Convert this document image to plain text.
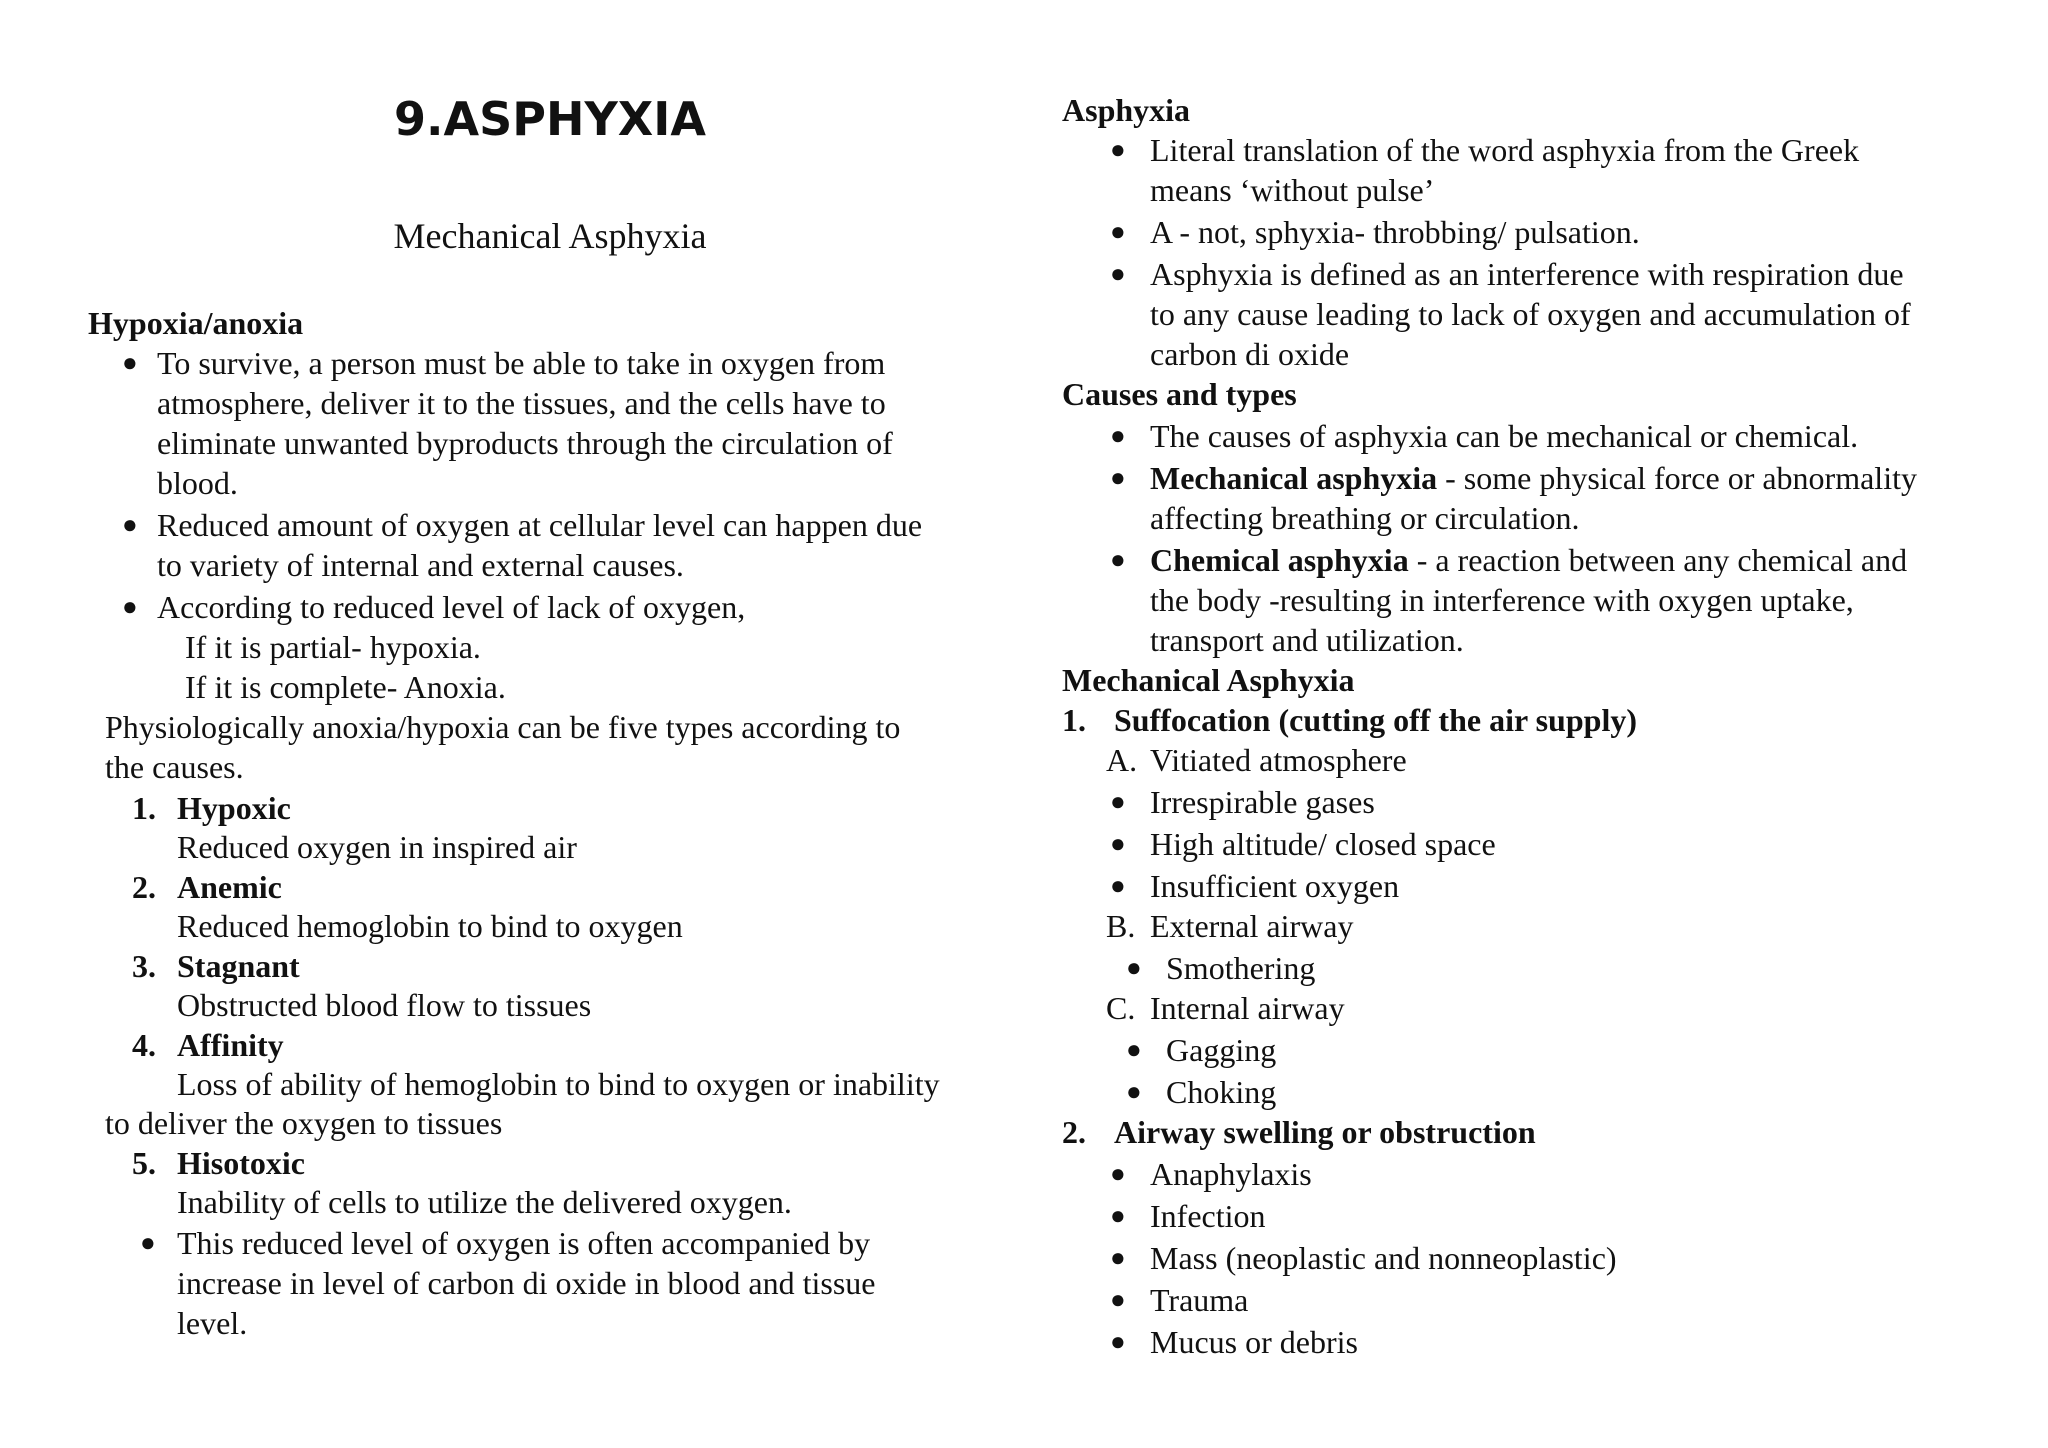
9.ASPHYXIA
Mechanical Asphyxia
Hypoxia/anoxia
● To survive, a person must be able to take in oxygen from
atmosphere, deliver it to the tissues, and the cells have to
eliminate unwanted byproducts through the circulation of
blood.
● Reduced amount of oxygen at cellular level can happen due
to variety of internal and external causes.
● According to reduced level of lack of oxygen,
If it is partial- hypoxia.
If it is complete- Anoxia.
Physiologically anoxia/hypoxia can be five types according to
the causes.
1. Hypoxic
Reduced oxygen in inspired air
2. Anemic
Reduced hemoglobin to bind to oxygen
3. Stagnant
Obstructed blood flow to tissues
4. Affinity
Loss of ability of hemoglobin to bind to oxygen or inability
to deliver the oxygen to tissues
5. Hisotoxic
Inability of cells to utilize the delivered oxygen.
● This reduced level of oxygen is often accompanied by
increase in level of carbon di oxide in blood and tissue
level.
Asphyxia
● Literal translation of the word asphyxia from the Greek
means ‘without pulse’
● A - not, sphyxia- throbbing/ pulsation.
● Asphyxia is defined as an interference with respiration due
to any cause leading to lack of oxygen and accumulation of
carbon di oxide
Causes and types
● The causes of asphyxia can be mechanical or chemical.
● Mechanical asphyxia - some physical force or abnormality
affecting breathing or circulation.
● Chemical asphyxia - a reaction between any chemical and
the body -resulting in interference with oxygen uptake,
transport and utilization.
Mechanical Asphyxia
1. Suffocation (cutting off the air supply)
A. Vitiated atmosphere
● Irrespirable gases
● High altitude/ closed space
● Insufficient oxygen
B. External airway
● Smothering
C. Internal airway
● Gagging
● Choking
2. Airway swelling or obstruction
● Anaphylaxis
● Infection
● Mass (neoplastic and nonneoplastic)
● Trauma
● Mucus or debris
